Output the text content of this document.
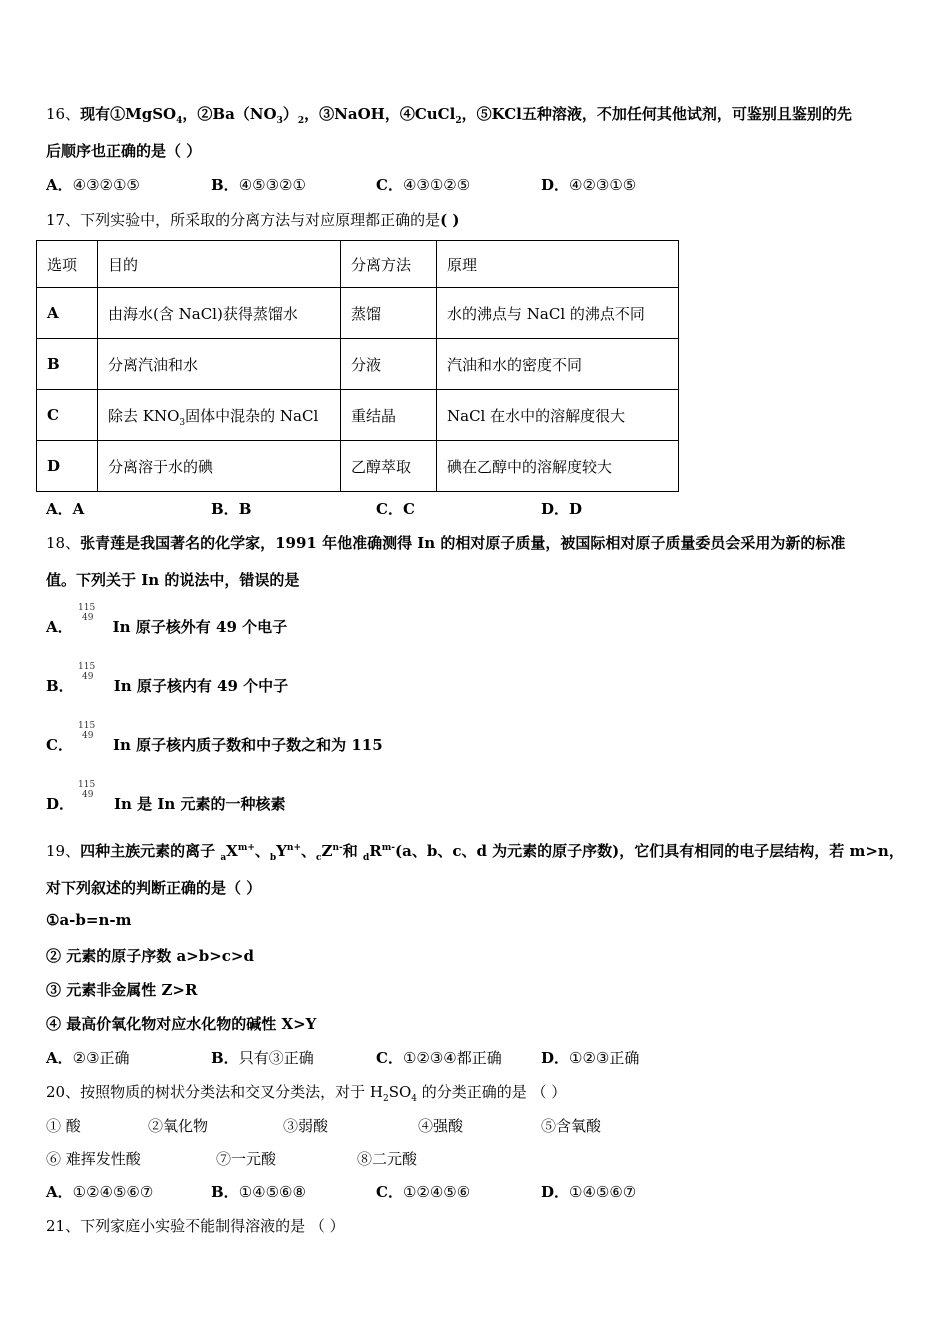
16、现有①MgSO$_4$，$②Ba(NO_3)_2$，③NaOH，④CuCl$_2$，⑤KCl五种溶液，不加任何其他试剂，可鉴别且鉴别的先
后顺序也正确的是（ ）
A．④③②①⑤	B．④⑤③②①	C．④③①②⑤	D．④②③①⑤
17、下列实验中，所采取的分离方法与对应原理都正确的是( )
选项	目的	分离方法	原理
A	由海水(含 NaCl)获得蒸馏水	蒸馏	水的沸点与 NaCl 的沸点不同
B	分离汽油和水	分液	汽油和水的密度不同
C	除去 $KNO_3$固体中混杂的 NaCl	重结晶	NaCl 在水中的溶解度很大
D	分离溶于水的碘	乙醇萃取	碘在乙醇中的溶解度较大
A．A	B．B	C．C	D．D
18、张青莲是我国著名的化学家，1991 年他准确测得 In 的相对原子质量，被国际相对原子质量委员会采用为新的标准
值。下列关于 In 的说法中，错误的是
115
49
A．	In 原子核外有 49 个电子
115
49
B．	In 原子核内有 49 个中子
115
49
C．	In 原子核内质子数和中子数之和为 115
115
49
D．	In 是 In 元素的一种核素
19、四种主族元素的离子 $_aX^{m+}$、$_bY^{n+}$、$_cZ^{n-}$和 $_dR^{m-}(a$、b、c、d 为元素的原子序数)，它们具有相同的电子层结构，若 m>n，
对下列叙述的判断正确的是（ ）
①a-b=n-m
② 元素的原子序数 a>b>c>d
③ 元素非金属性 Z>R
④ 最高价氧化物对应水化物的碱性 X>Y
A．②③正确	B．只有③正确	C．①②③④都正确	D．①②③正确
20、按照物质的树状分类法和交叉分类法，对于 $H_2SO_4$ 的分类正确的是 （ ）
① 酸	②氧化物	③弱酸	④强酸	⑤含氧酸
⑥ 难挥发性酸	⑦一元酸	⑧二元酸
A．①②④⑤⑥⑦	B．①④⑤⑥⑧	C．①②④⑤⑥	D．①④⑤⑥⑦
21、下列家庭小实验不能制得溶液的是 （ ）
